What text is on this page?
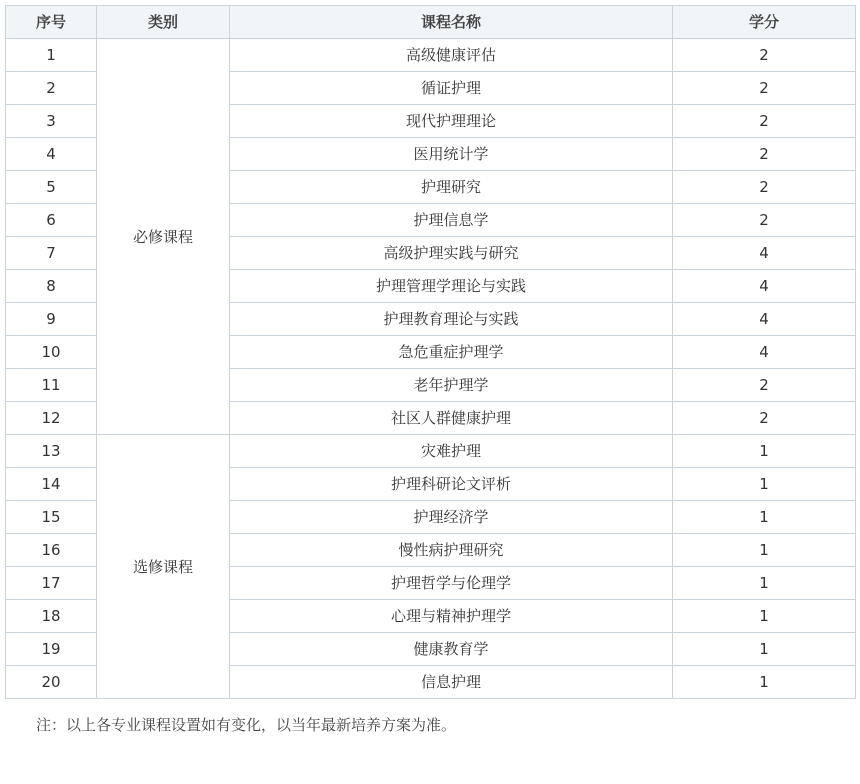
序号	类别	课程名称	学分
1	必修课程	高级健康评估	2
2		循证护理	2
3		现代护理理论	2
4		医用统计学	2
5		护理研究	2
6		护理信息学	2
7		高级护理实践与研究	4
8		护理管理学理论与实践	4
9		护理教育理论与实践	4
10		急危重症护理学	4
11		老年护理学	2
12		社区人群健康护理	2
13	选修课程	灾难护理	1
14		护理科研论文评析	1
15		护理经济学	1
16		慢性病护理研究	1
17		护理哲学与伦理学	1
18		心理与精神护理学	1
19		健康教育学	1
20		信息护理	1
注：以上各专业课程设置如有变化，以当年最新培养方案为准。
